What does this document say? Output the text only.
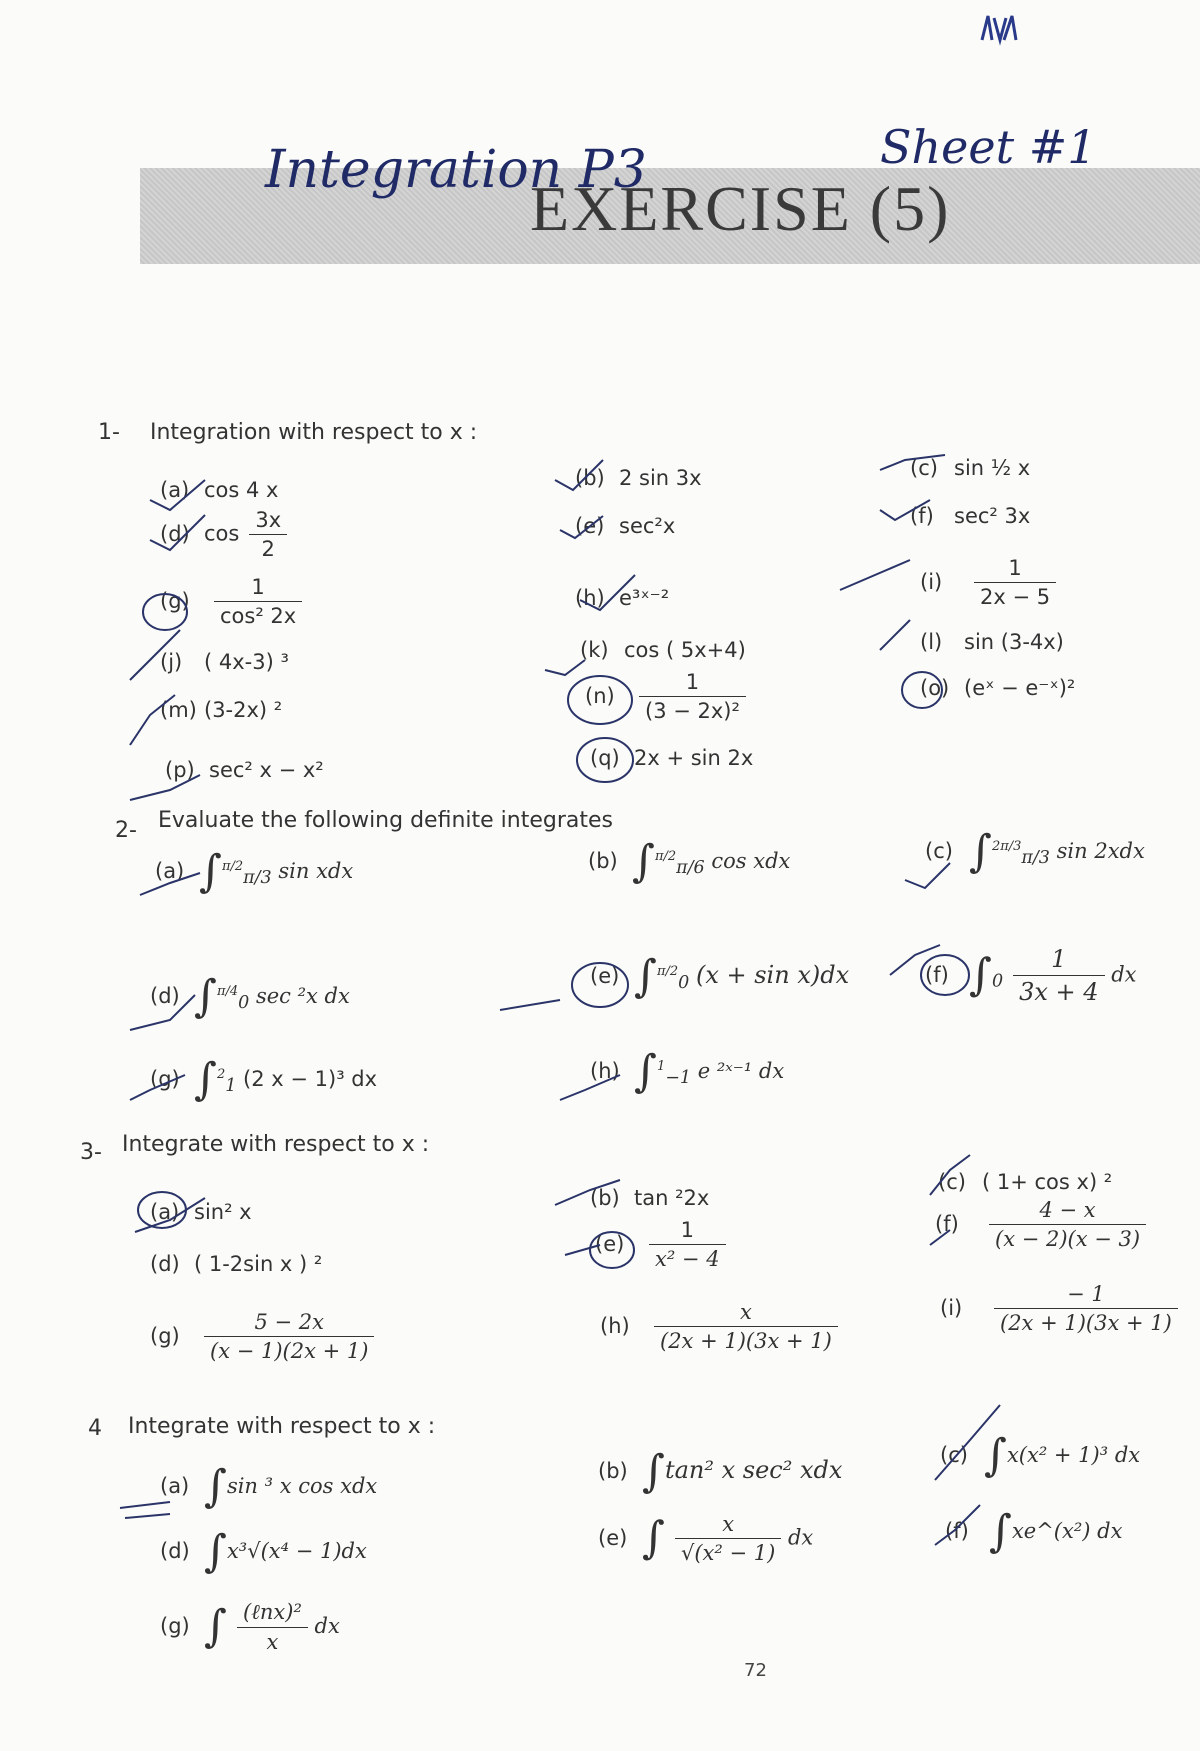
Integration P3	Sheet #1
EXERCISE (5)
1- Integration with respect to x :
(a) cos 4 x	(b) 2 sin 3x	(c) sin ½ x
(d) $\cos \frac{3x}{2}$	(e) sec²x	(f) sec² 3x
$(g) \frac{1}{\text{cos² 2x}}$	(h) e³ˣ⁻²
$(i) \frac{1}{2x - 5}$
(j) ( 4x-3) ³	(k) cos ( 5x+4)	(l) sin (3-4x)
(m) (3-2x) ²
$(n) \frac{1}{\text{(3 − 2x)²}}$	(o) (eˣ − e⁻ˣ)²
(p) sec² x − x²	(q) 2x + sin 2x
2- Evaluate the following definite integrates
(a) ∫$^{\pi/2}_{\pi/3}$ sin xdx	(b) ∫$^{\pi/2}_{\pi/6}$ cos xdx	(c) ∫$^{2\pi/3}_{\pi/3}$ sin 2xdx
(d) ∫$^{\pi/4}_0$ sec ²x dx
(e) ∫$^{\pi/2}_0$ (x + sin x)dx	(f) $\int_0 \frac{1}{3x + 4}$ dx
(g) ∫$^2_1$ (2 x − 1)³ dx	(h) ∫$^1_{-1}$ e ²ˣ⁻¹ dx
3- Integrate with respect to x :
(a) sin² x
(b) tan ²2x
(c) ( 1+ cos x) ²
(d) ( 1-2sin x ) ²
$(e) \frac{1}{\text{x² − 4}}$	$(f) \frac{4 - x}{(x - 2)(x - 3)}$
$(g) \frac{5 - 2x}{(x - 1)(2x + 1)}$	$(h) \frac{x}{(2x + 1)(3x + 1)}$	$(i) \frac{- 1}{(2x + 1)(3x + 1)}$
4 Integrate with respect to x :
(a) ∫sin ³ x cos xdx
(b) ∫tan² x sec² xdx
(c) ∫x(x² + 1)³ dx
(d) ∫x³√(x⁴ − 1)dx
(e) ∫ $\frac{x}{\text{√(x² − 1)}}$ dx	(f) ∫xe^(x²) dx
(g) ∫ $\frac{\text{(ℓnx)²}}{x}$ dx
72
